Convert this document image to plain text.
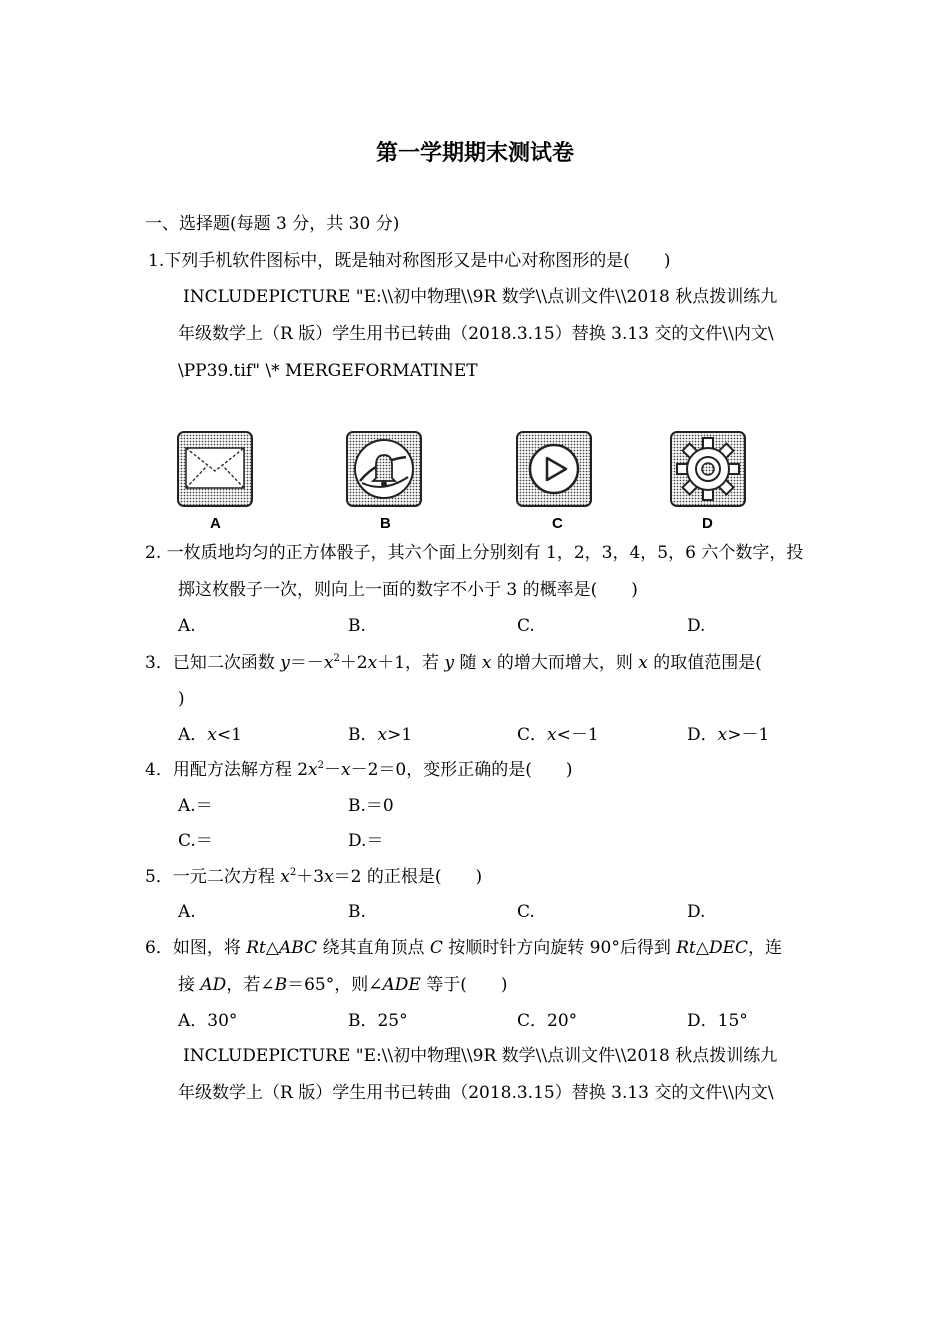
第一学期期末测试卷
一、选择题(每题 3 分，共 30 分)
1.下列手机软件图标中，既是轴对称图形又是中心对称图形的是(　　)
INCLUDEPICTURE "E:\\初中物理\\9R 数学\\点训文件\\2018 秋点拨训练九
年级数学上（R 版）学生用书已转曲（2018.3.15）替换 3.13 交的文件\\内文\
\PP39.tif" \* MERGEFORMATINET
A	B	C	D
2. 一枚质地均匀的正方体骰子，其六个面上分别刻有 1，2，3，4，5，6 六个数字，投
掷这枚骰子一次，则向上一面的数字不小于 3 的概率是(　　)
A.	B.	C.	D.
3．已知二次函数 $y=-x^2+2x+1$，若 y 随 x 的增大而增大，则 x 的取值范围是(
)
A．x<1	B．x>1	C．x<－1	D．x>－1
4．用配方法解方程 $2x^2-x-2=0$，变形正确的是(　　)
A.＝	B.＝0
C.＝	D.＝
5．一元二次方程 $x^2+3x=2$ 的正根是(　　)
A.	B.	C.	D.
6．如图，将 Rt△ABC 绕其直角顶点 C 按顺时针方向旋转 90°后得到 Rt△DEC，连
接 AD，若∠B＝65°，则∠ADE 等于(　　)
A．30°	B．25°	C．20°	D．15°
INCLUDEPICTURE "E:\\初中物理\\9R 数学\\点训文件\\2018 秋点拨训练九
年级数学上（R 版）学生用书已转曲（2018.3.15）替换 3.13 交的文件\\内文\
